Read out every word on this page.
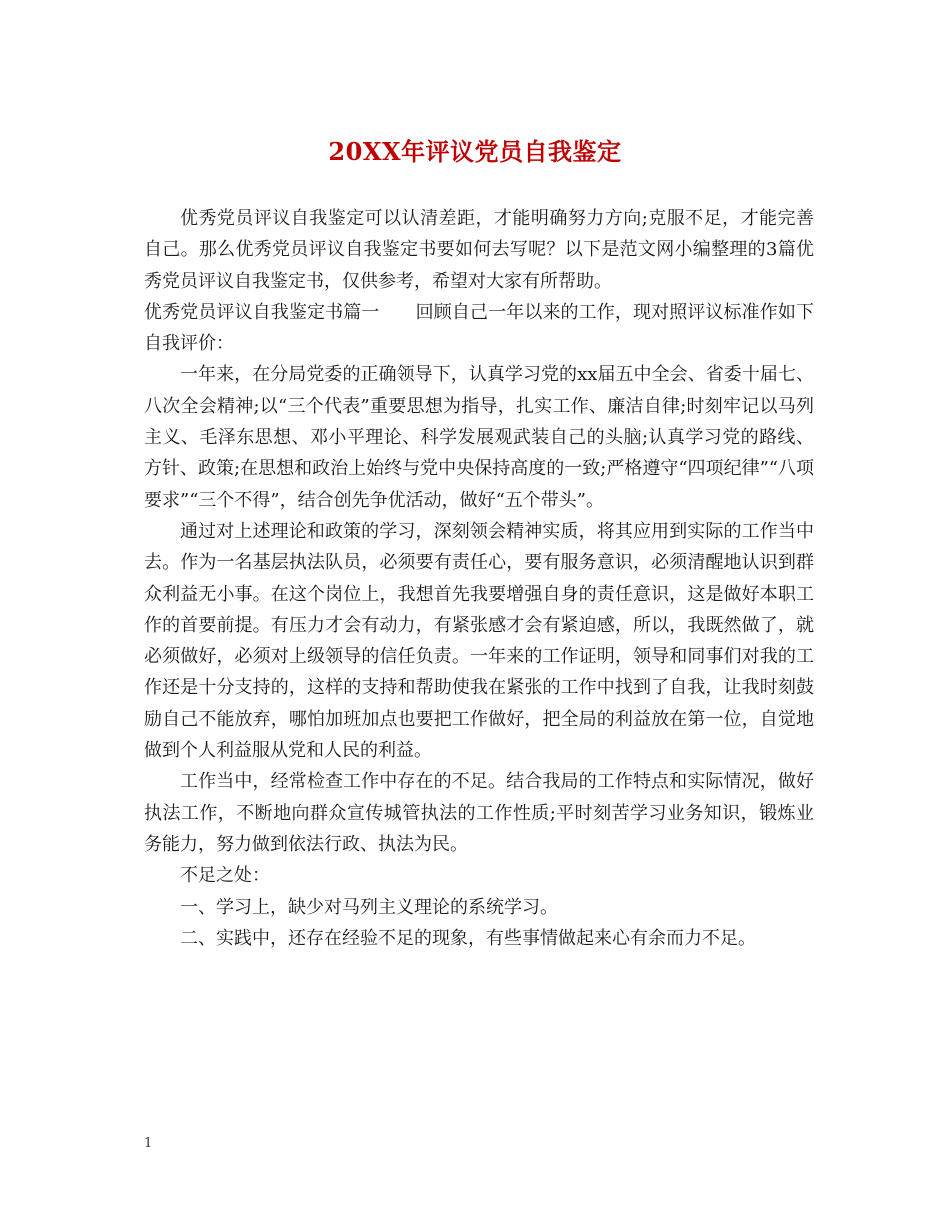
20XX年评议党员自我鉴定

优秀党员评议自我鉴定可以认清差距，才能明确努力方向;克服不足，才能完善自己。那么优秀党员评议自我鉴定书要如何去写呢？以下是范文网小编整理的3篇优秀党员评议自我鉴定书，仅供参考，希望对大家有所帮助。

优秀党员评议自我鉴定书篇一　　回顾自己一年以来的工作，现对照评议标准作如下自我评价：

一年来，在分局党委的正确领导下，认真学习党的xx届五中全会、省委十届七、八次全会精神;以“三个代表”重要思想为指导，扎实工作、廉洁自律;时刻牢记以马列主义、毛泽东思想、邓小平理论、科学发展观武装自己的头脑;认真学习党的路线、方针、政策;在思想和政治上始终与党中央保持高度的一致;严格遵守“四项纪律”“八项要求”“三个不得”，结合创先争优活动，做好“五个带头”。

通过对上述理论和政策的学习，深刻领会精神实质，将其应用到实际的工作当中去。作为一名基层执法队员，必须要有责任心，要有服务意识，必须清醒地认识到群众利益无小事。在这个岗位上，我想首先我要增强自身的责任意识，这是做好本职工作的首要前提。有压力才会有动力，有紧张感才会有紧迫感，所以，我既然做了，就必须做好，必须对上级领导的信任负责。一年来的工作证明，领导和同事们对我的工作还是十分支持的，这样的支持和帮助使我在紧张的工作中找到了自我，让我时刻鼓励自己不能放弃，哪怕加班加点也要把工作做好，把全局的利益放在第一位，自觉地做到个人利益服从党和人民的利益。

工作当中，经常检查工作中存在的不足。结合我局的工作特点和实际情况，做好执法工作，不断地向群众宣传城管执法的工作性质;平时刻苦学习业务知识，锻炼业务能力，努力做到依法行政、执法为民。

不足之处：

一、学习上，缺少对马列主义理论的系统学习。

二、实践中，还存在经验不足的现象，有些事情做起来心有余而力不足。

1
